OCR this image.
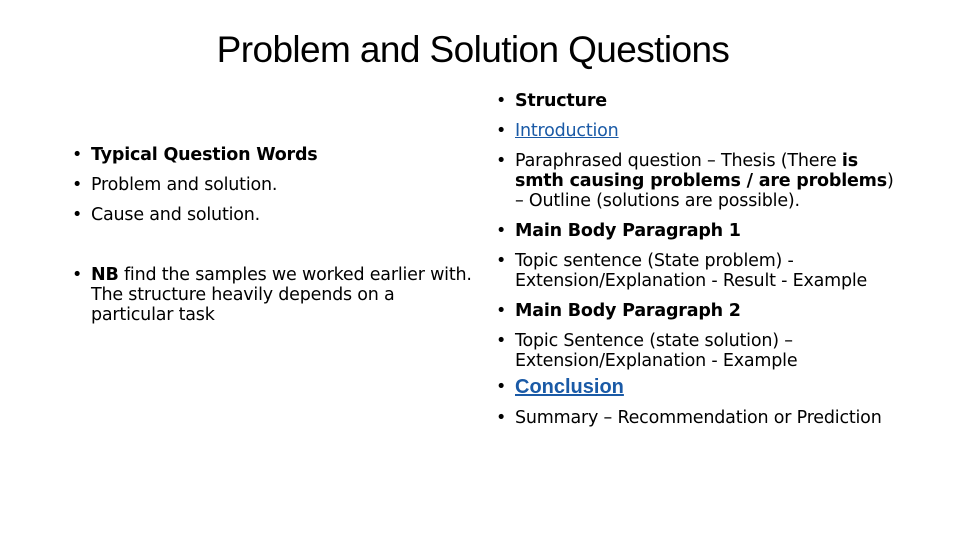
Problem and Solution Questions
• Typical Question Words
• Problem and solution.
• Cause and solution.
• NB find the samples we worked earlier with. The structure heavily depends on a particular task
• Structure
• Introduction
• Paraphrased question – Thesis (There is smth causing problems / are problems) – Outline (solutions are possible).
• Main Body Paragraph 1
• Topic sentence (State problem) - Extension/Explanation - Result - Example
• Main Body Paragraph 2
• Topic Sentence (state solution) – Extension/Explanation - Example
• Conclusion
• Summary – Recommendation or Prediction
